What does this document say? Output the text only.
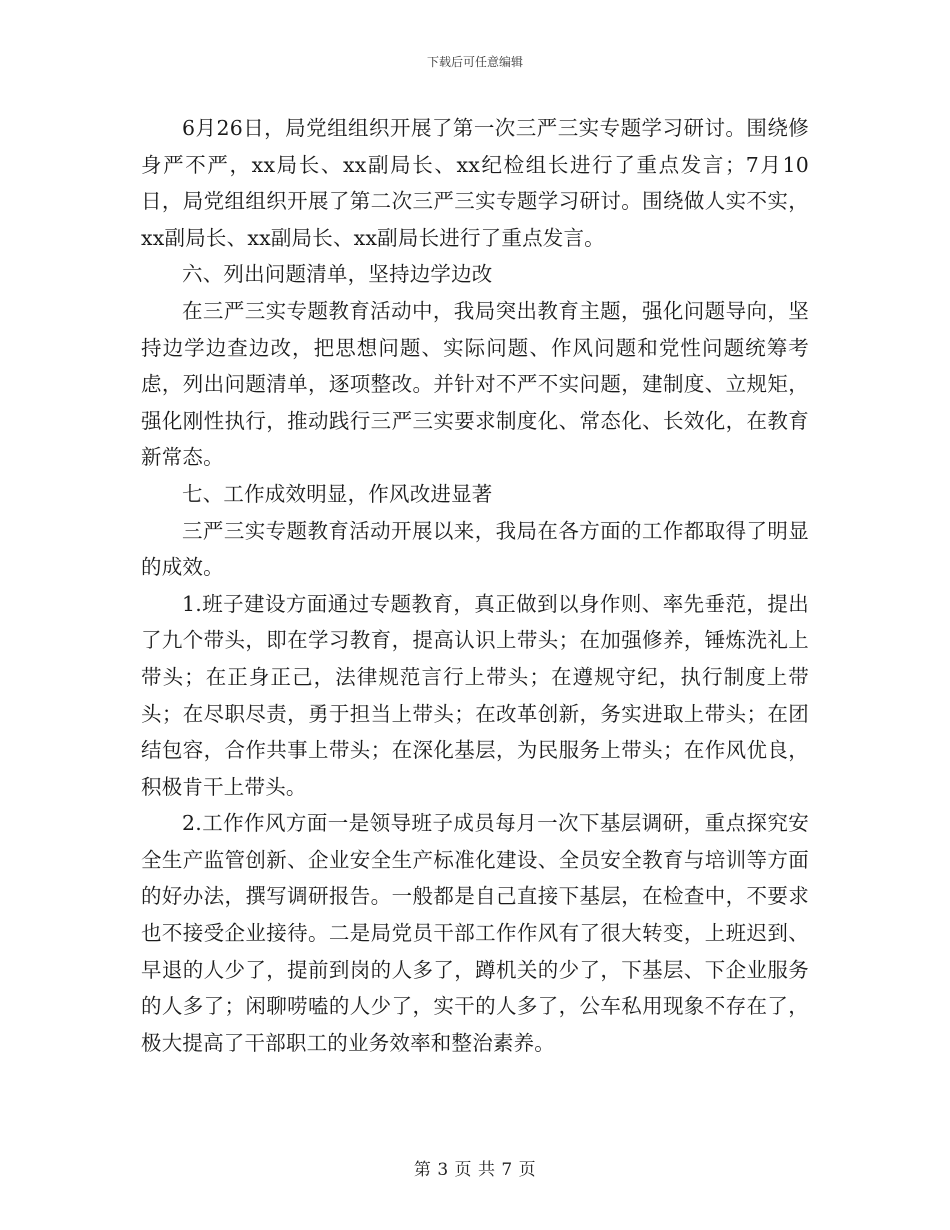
下载后可任意编辑

6月26日，局党组组织开展了第一次三严三实专题学习研讨。围绕修身严不严，xx局长、xx副局长、xx纪检组长进行了重点发言；7月10日，局党组组织开展了第二次三严三实专题学习研讨。围绕做人实不实，xx副局长、xx副局长、xx副局长进行了重点发言。

六、列出问题清单，坚持边学边改

在三严三实专题教育活动中，我局突出教育主题，强化问题导向，坚持边学边查边改，把思想问题、实际问题、作风问题和党性问题统筹考虑，列出问题清单，逐项整改。并针对不严不实问题，建制度、立规矩，强化刚性执行，推动践行三严三实要求制度化、常态化、长效化，在教育新常态。

七、工作成效明显，作风改进显著

三严三实专题教育活动开展以来，我局在各方面的工作都取得了明显的成效。

1.班子建设方面通过专题教育，真正做到以身作则、率先垂范，提出了九个带头，即在学习教育，提高认识上带头；在加强修养，锤炼洗礼上带头；在正身正己，法律规范言行上带头；在遵规守纪，执行制度上带头；在尽职尽责，勇于担当上带头；在改革创新，务实进取上带头；在团结包容，合作共事上带头；在深化基层，为民服务上带头；在作风优良，积极肯干上带头。

2.工作作风方面一是领导班子成员每月一次下基层调研，重点探究安全生产监管创新、企业安全生产标准化建设、全员安全教育与培训等方面的好办法，撰写调研报告。一般都是自己直接下基层，在检查中，不要求也不接受企业接待。二是局党员干部工作作风有了很大转变，上班迟到、早退的人少了，提前到岗的人多了，蹲机关的少了，下基层、下企业服务的人多了；闲聊唠嗑的人少了，实干的人多了，公车私用现象不存在了，极大提高了干部职工的业务效率和整治素养。

第 3 页 共 7 页
